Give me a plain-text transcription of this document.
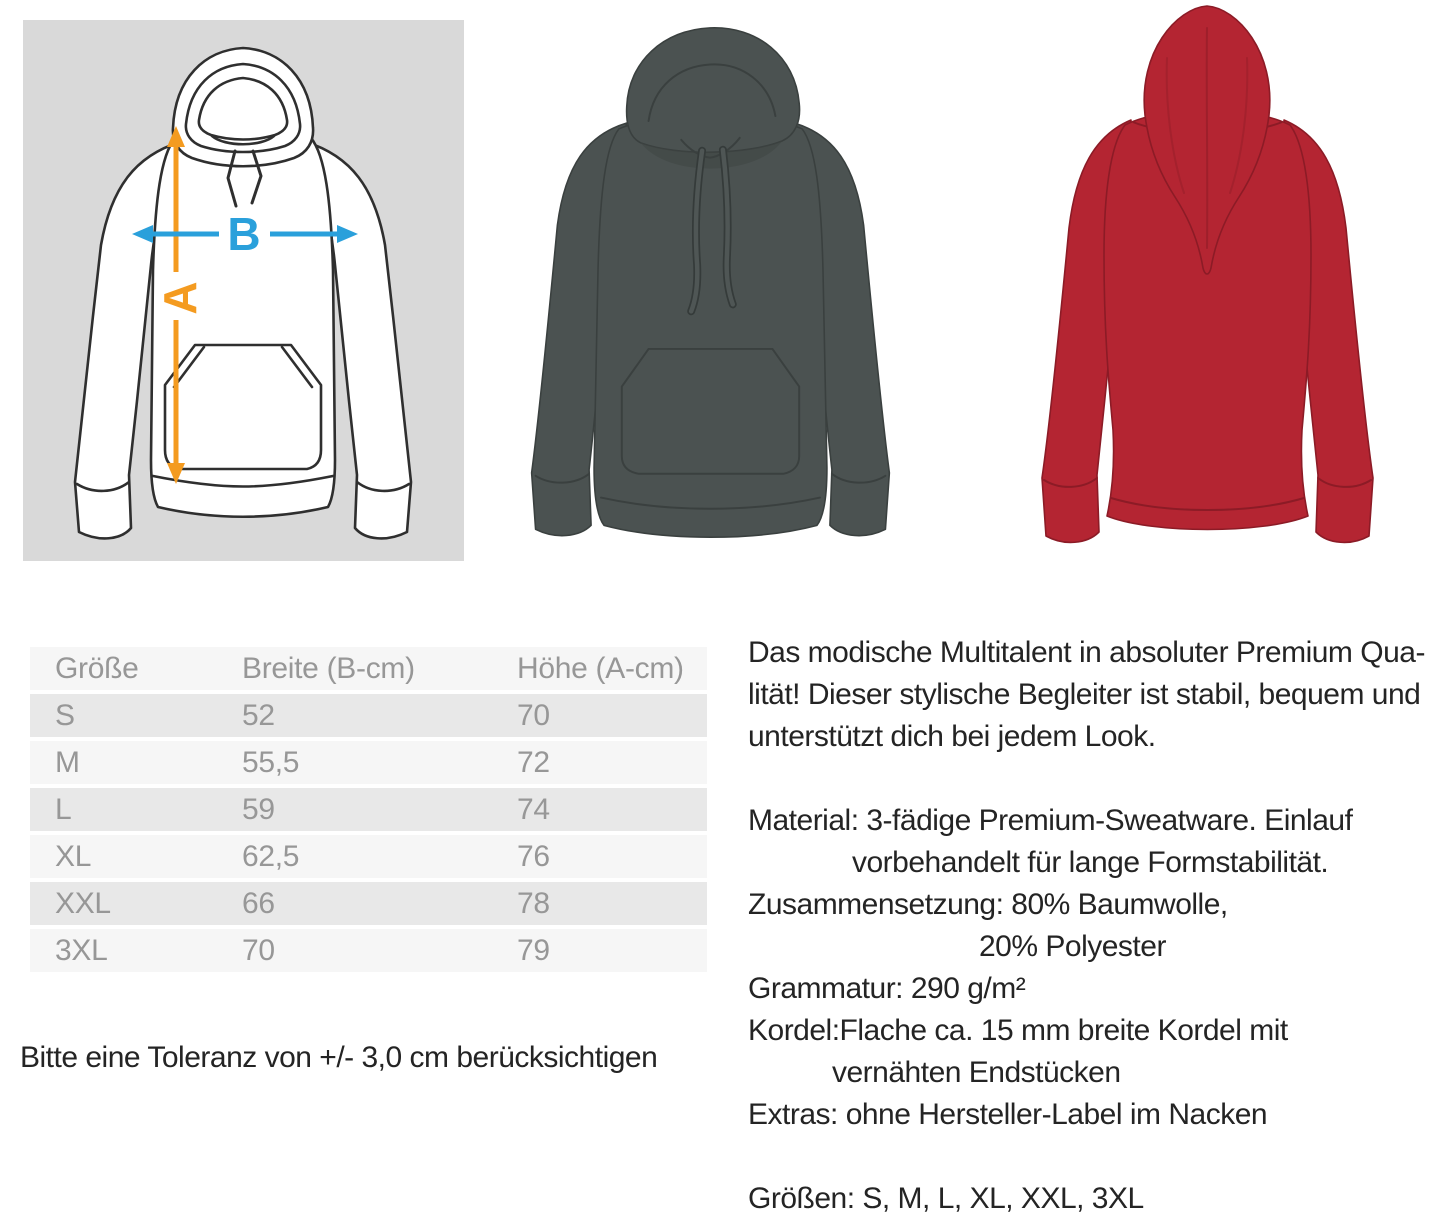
A
B
Größe	Breite (B-cm)	Höhe (A-cm)
S	52	70
M	55,5	72
L	59	74
XL	62,5	76
XXL	66	78
3XL	70	79
Bitte eine Toleranz von +/- 3,0 cm berücksichtigen
Das modische Multitalent in absoluter Premium Qua-
lität! Dieser stylische Begleiter ist stabil, bequem und
unterstützt dich bei jedem Look.
Material: 3-fädige Premium-Sweatware. Einlauf
vorbehandelt für lange Formstabilität.
Zusammensetzung: 80% Baumwolle,
20% Polyester
Grammatur: 290 g/m²
Kordel:Flache ca. 15 mm breite Kordel mit
vernähten Endstücken
Extras: ohne Hersteller-Label im Nacken
Größen: S, M, L, XL, XXL, 3XL
